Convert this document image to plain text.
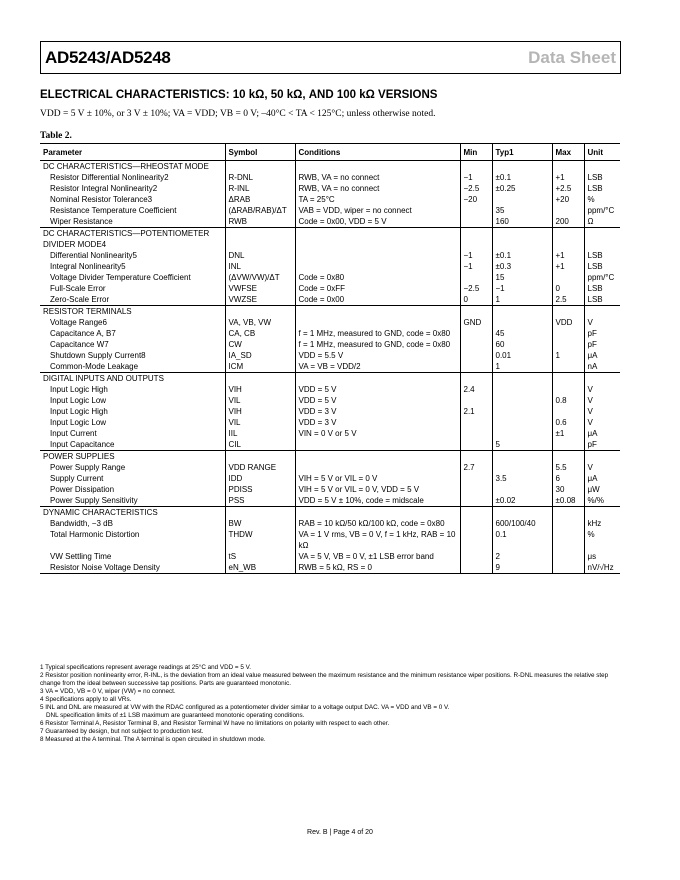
AD5243/AD5248	Data Sheet
ELECTRICAL CHARACTERISTICS: 10 kΩ, 50 kΩ, AND 100 kΩ VERSIONS
VDD = 5 V ± 10%, or 3 V ± 10%; VA = VDD; VB = 0 V; –40°C < TA < 125°C; unless otherwise noted.
Table 2.
Parameter	Symbol	Conditions	Min	Typ1	Max	Unit
DC CHARACTERISTICS—RHEOSTAT MODE						
Resistor Differential Nonlinearity2	R-DNL	RWB, VA = no connect	−1	±0.1	+1	LSB
Resistor Integral Nonlinearity2	R-INL	RWB, VA = no connect	−2.5	±0.25	+2.5	LSB
Nominal Resistor Tolerance3	ΔRAB	TA = 25°C	−20		+20	%
Resistance Temperature Coefficient	(ΔRAB/RAB)/ΔT	VAB = VDD, wiper = no connect		35		ppm/°C
Wiper Resistance	RWB	Code = 0x00, VDD = 5 V		160	200	Ω
DC CHARACTERISTICS—POTENTIOMETER DIVIDER MODE4						
Differential Nonlinearity5	DNL		−1	±0.1	+1	LSB
Integral Nonlinearity5	INL		−1	±0.3	+1	LSB
Voltage Divider Temperature Coefficient	(ΔVW/VW)/ΔT	Code = 0x80		15		ppm/°C
Full-Scale Error	VWFSE	Code = 0xFF	−2.5	−1	0	LSB
Zero-Scale Error	VWZSE	Code = 0x00	0	1	2.5	LSB
RESISTOR TERMINALS						
Voltage Range6	VA, VB, VW		GND		VDD	V
Capacitance A, B7	CA, CB	f = 1 MHz, measured to GND, code = 0x80		45		pF
Capacitance W7	CW	f = 1 MHz, measured to GND, code = 0x80		60		pF
Shutdown Supply Current8	IA_SD	VDD = 5.5 V		0.01	1	μA
Common-Mode Leakage	ICM	VA = VB = VDD/2		1		nA
DIGITAL INPUTS AND OUTPUTS						
Input Logic High	VIH	VDD = 5 V	2.4			V
Input Logic Low	VIL	VDD = 5 V			0.8	V
Input Logic High	VIH	VDD = 3 V	2.1			V
Input Logic Low	VIL	VDD = 3 V			0.6	V
Input Current	IIL	VIN = 0 V or 5 V			±1	μA
Input Capacitance	CIL			5		pF
POWER SUPPLIES						
Power Supply Range	VDD RANGE		2.7		5.5	V
Supply Current	IDD	VIH = 5 V or VIL = 0 V		3.5	6	μA
Power Dissipation	PDISS	VIH = 5 V or VIL = 0 V, VDD = 5 V			30	μW
Power Supply Sensitivity	PSS	VDD = 5 V ± 10%, code = midscale		±0.02	±0.08	%/%
DYNAMIC CHARACTERISTICS						
Bandwidth, −3 dB	BW	RAB = 10 kΩ/50 kΩ/100 kΩ, code = 0x80		600/100/40		kHz
Total Harmonic Distortion	THDW	VA = 1 V rms, VB = 0 V, f = 1 kHz, RAB = 10 kΩ		0.1		%
VW Settling Time	tS	VA = 5 V, VB = 0 V, ±1 LSB error band		2		μs
Resistor Noise Voltage Density	eN_WB	RWB = 5 kΩ, RS = 0		9		nV/√Hz

1 Typical specifications represent average readings at 25°C and VDD = 5 V.

2 Resistor position nonlinearity error, R-INL, is the deviation from an ideal value measured between the maximum resistance and the minimum resistance wiper positions. R-DNL measures the relative step change from the ideal between successive tap positions. Parts are guaranteed monotonic.

3 VA = VDD, VB = 0 V, wiper (VW) = no connect.

4 Specifications apply to all VRs.

5 INL and DNL are measured at VW with the RDAC configured as a potentiometer divider similar to a voltage output DAC. VA = VDD and VB = 0 V.

DNL specification limits of ±1 LSB maximum are guaranteed monotonic operating conditions.

6 Resistor Terminal A, Resistor Terminal B, and Resistor Terminal W have no limitations on polarity with respect to each other.

7 Guaranteed by design, but not subject to production test.

8 Measured at the A terminal. The A terminal is open circuited in shutdown mode.

Rev. B | Page 4 of 20
